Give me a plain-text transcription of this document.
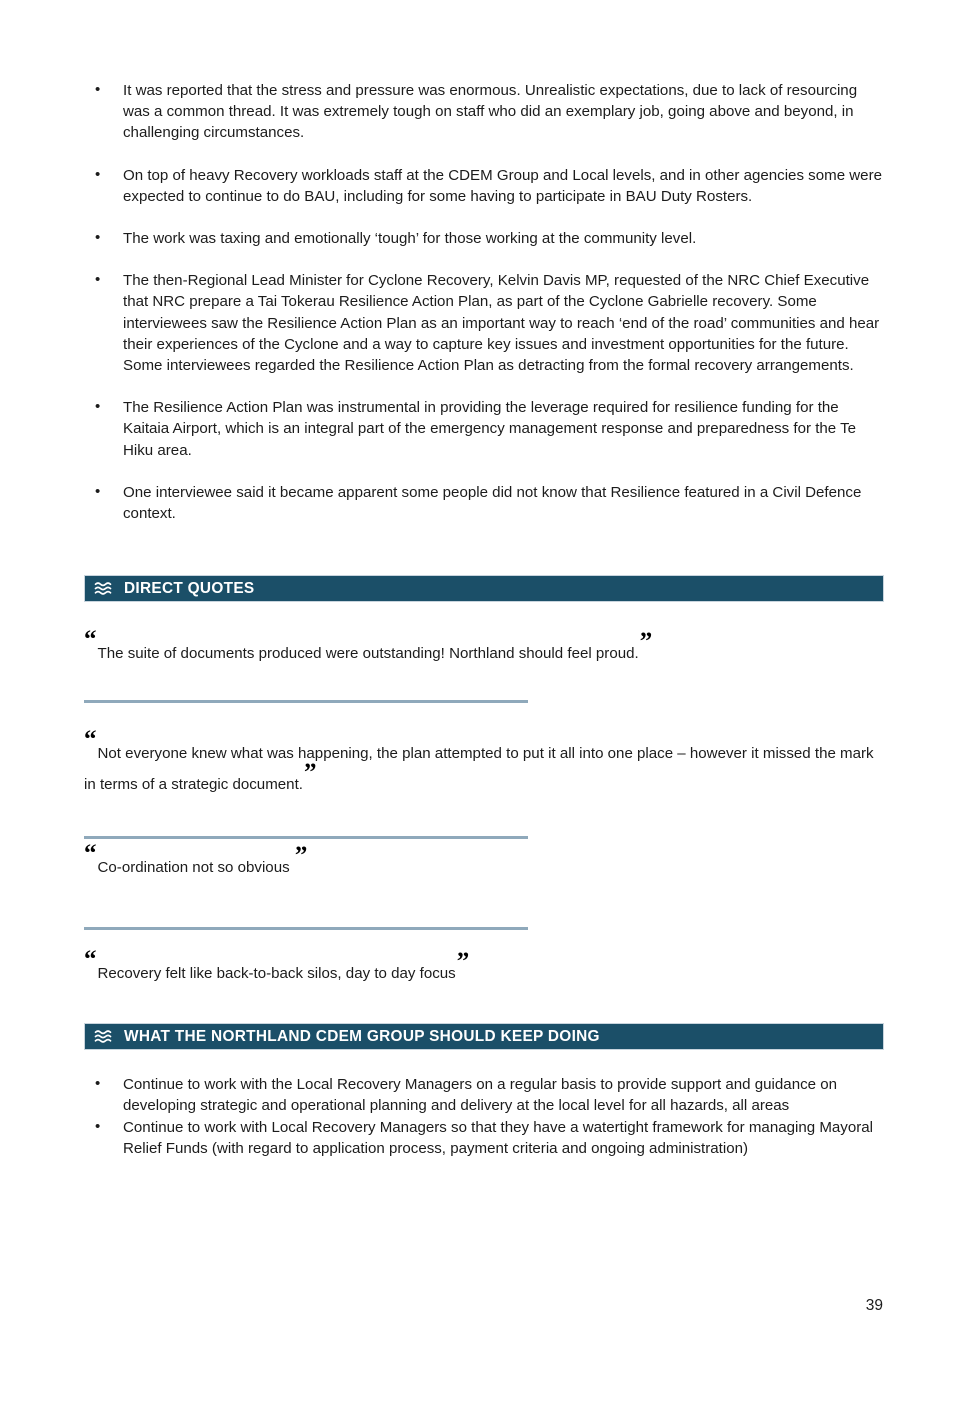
• It was reported that the stress and pressure was enormous. Unrealistic expectations, due to lack of resourcing was a common thread. It was extremely tough on staff who did an exemplary job, going above and beyond, in challenging circumstances.
• On top of heavy Recovery workloads staff at the CDEM Group and Local levels, and in other agencies some were expected to continue to do BAU, including for some having to participate in BAU Duty Rosters.
• The work was taxing and emotionally ‘tough’ for those working at the community level.
• The then-Regional Lead Minister for Cyclone Recovery, Kelvin Davis MP, requested of the NRC Chief Executive that NRC prepare a Tai Tokerau Resilience Action Plan, as part of the Cyclone Gabrielle recovery. Some interviewees saw the Resilience Action Plan as an important way to reach ‘end of the road’ communities and hear their experiences of the Cyclone and a way to capture key issues and investment opportunities for the future. Some interviewees regarded the Resilience Action Plan as detracting from the formal recovery arrangements.
• The Resilience Action Plan was instrumental in providing the leverage required for resilience funding for the Kaitaia Airport, which is an integral part of the emergency management response and preparedness for the Te Hiku area.
• One interviewee said it became apparent some people did not know that Resilience featured in a Civil Defence context.
DIRECT QUOTES
“The suite of documents produced were outstanding! Northland should feel proud.”
“Not everyone knew what was happening, the plan attempted to put it all into one place – however it missed the mark in terms of a strategic document.”
“Co-ordination not so obvious ”
“Recovery felt like back-to-back silos, day to day focus”
WHAT THE NORTHLAND CDEM GROUP SHOULD KEEP DOING
• Continue to work with the Local Recovery Managers on a regular basis to provide support and guidance on developing strategic and operational planning and delivery at the local level for all hazards, all areas
• Continue to work with Local Recovery Managers so that they have a watertight framework for managing Mayoral Relief Funds (with regard to application process, payment criteria and ongoing administration)
39
